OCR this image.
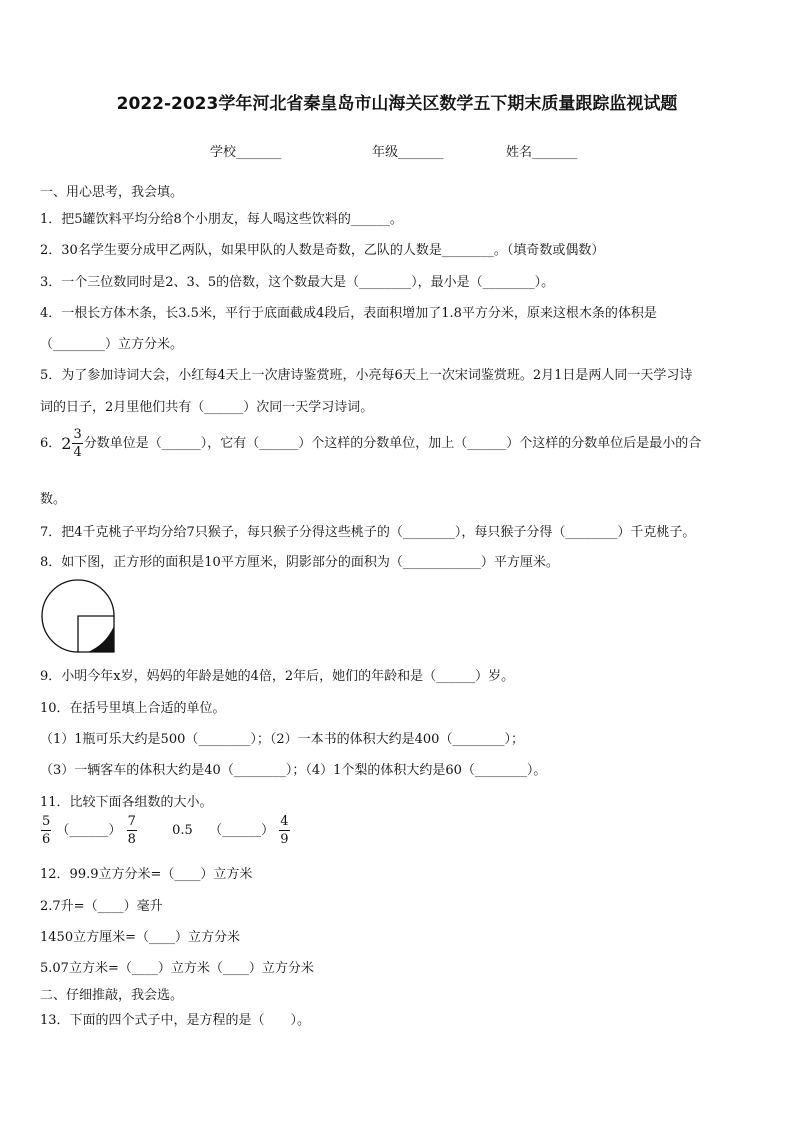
2022-2023学年河北省秦皇岛市山海关区数学五下期末质量跟踪监视试题
学校_______	年级_______	姓名_______
一、用心思考，我会填。
1．把5罐饮料平均分给8个小朋友，每人喝这些饮料的______。
2．30名学生要分成甲乙两队，如果甲队的人数是奇数，乙队的人数是________。（填奇数或偶数）
3．一个三位数同时是2、3、5的倍数，这个数最大是（________），最小是（________）。
4．一根长方体木条，长3.5米，平行于底面截成4段后，表面积增加了1.8平方分米，原来这根木条的体积是
（________）立方分米。
5．为了参加诗词大会，小红每4天上一次唐诗鉴赏班，小亮每6天上一次宋词鉴赏班。2月1日是两人同一天学习诗
词的日子，2月里他们共有（______）次同一天学习诗词。
6．$2 \frac{3}{4}$ 分数单位是（______），它有（______）个这样的分数单位，加上（______）个这样的分数单位后是最小的合
数。
7．把4千克桃子平均分给7只猴子，每只猴子分得这些桃子的（________），每只猴子分得（________）千克桃子。
8．如下图，正方形的面积是10平方厘米，阴影部分的面积为（____________）平方厘米。
9．小明今年x岁，妈妈的年龄是她的4倍，2年后，她们的年龄和是（______）岁。
10．在括号里填上合适的单位。
（1）1瓶可乐大约是500（________）；（2）一本书的体积大约是400（________）；
（3）一辆客车的体积大约是40（________）；（4）1个梨的体积大约是60（________）。
11．比较下面各组数的大小。
$\frac{5}{6}$ （______） $\frac{7}{8}$	0.5 （______） $\frac{4}{9}$
12．99.9立方分米=（____）立方米
2.7升=（____）毫升
1450立方厘米=（____）立方分米
5.07立方米=（____）立方米（____）立方分米
二、仔细推敲，我会选。
13．下面的四个式子中，是方程的是（　　）。
